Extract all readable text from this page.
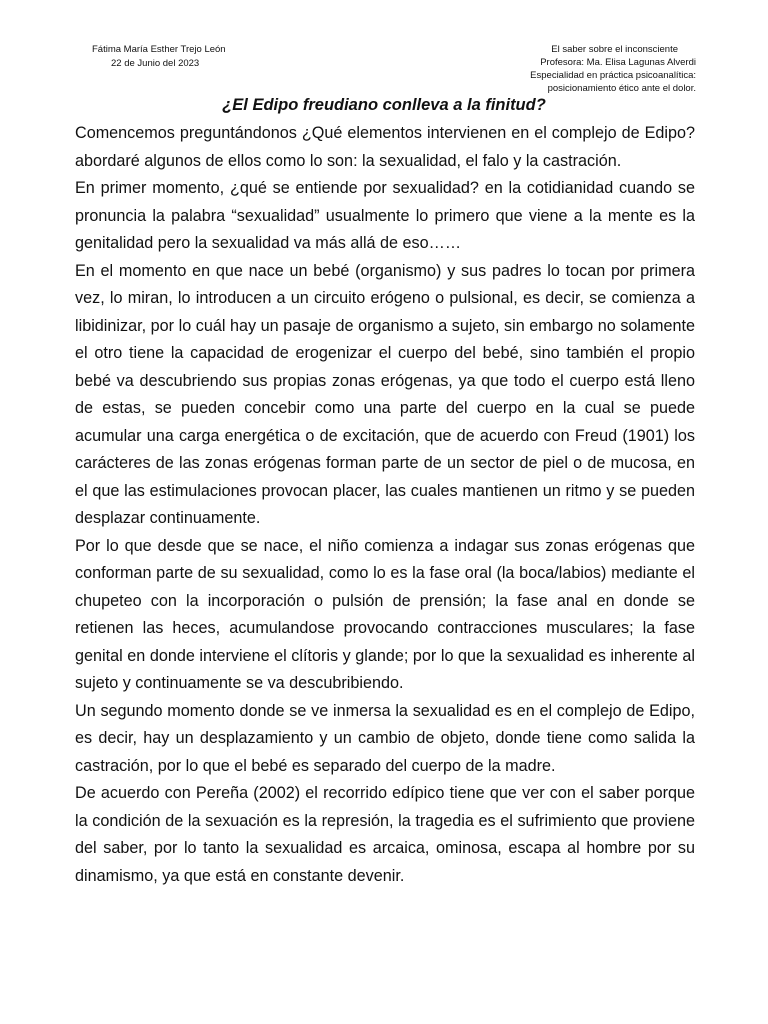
Fátima María Esther Trejo León
22 de Junio del 2023
El saber sobre el inconsciente
Profesora: Ma. Elisa Lagunas Alverdi
Especialidad en práctica psicoanalítica:
posicionamiento ético ante el dolor.
¿El Edipo freudiano conlleva a la finitud?

Comencemos preguntándonos ¿Qué elementos intervienen en el complejo de Edipo? abordaré algunos de ellos como lo son: la sexualidad, el falo y la castración.

En primer momento, ¿qué se entiende por sexualidad? en la cotidianidad cuando se pronuncia la palabra “sexualidad” usualmente lo primero que viene a la mente es la genitalidad pero la sexualidad va más allá de eso……

En el momento en que nace un bebé (organismo) y sus padres lo tocan por primera vez, lo miran, lo introducen a un circuito erógeno o pulsional, es decir, se comienza a libidinizar, por lo cuál hay un pasaje de organismo a sujeto, sin embargo no solamente el otro tiene la capacidad de erogenizar el cuerpo del bebé, sino también el propio bebé va descubriendo sus propias zonas erógenas, ya que todo el cuerpo está lleno de estas, se pueden concebir como una parte del cuerpo en la cual se puede acumular una carga energética o de excitación, que de acuerdo con Freud (1901) los carácteres de las zonas erógenas forman parte de un sector de piel o de mucosa, en el que las estimulaciones provocan placer, las cuales mantienen un ritmo y se pueden desplazar continuamente.

Por lo que desde que se nace, el niño comienza a indagar sus zonas erógenas que conforman parte de su sexualidad, como lo es la fase oral (la boca/labios) mediante el chupeteo con la incorporación o pulsión de prensión; la fase anal en donde se retienen las heces, acumulandose provocando contracciones musculares; la fase genital en donde interviene el clítoris y glande; por lo que la sexualidad es inherente al sujeto y continuamente se va descubribiendo.

Un segundo momento donde se ve inmersa la sexualidad es en el complejo de Edipo, es decir, hay un desplazamiento y un cambio de objeto, donde tiene como salida la castración, por lo que el bebé es separado del cuerpo de la madre.

De acuerdo con Pereña (2002) el recorrido edípico tiene que ver con el saber porque la condición de la sexuación es la represión, la tragedia es el sufrimiento que proviene del saber, por lo tanto la sexualidad es arcaica, ominosa, escapa al hombre por su dinamismo, ya que está en constante devenir.
